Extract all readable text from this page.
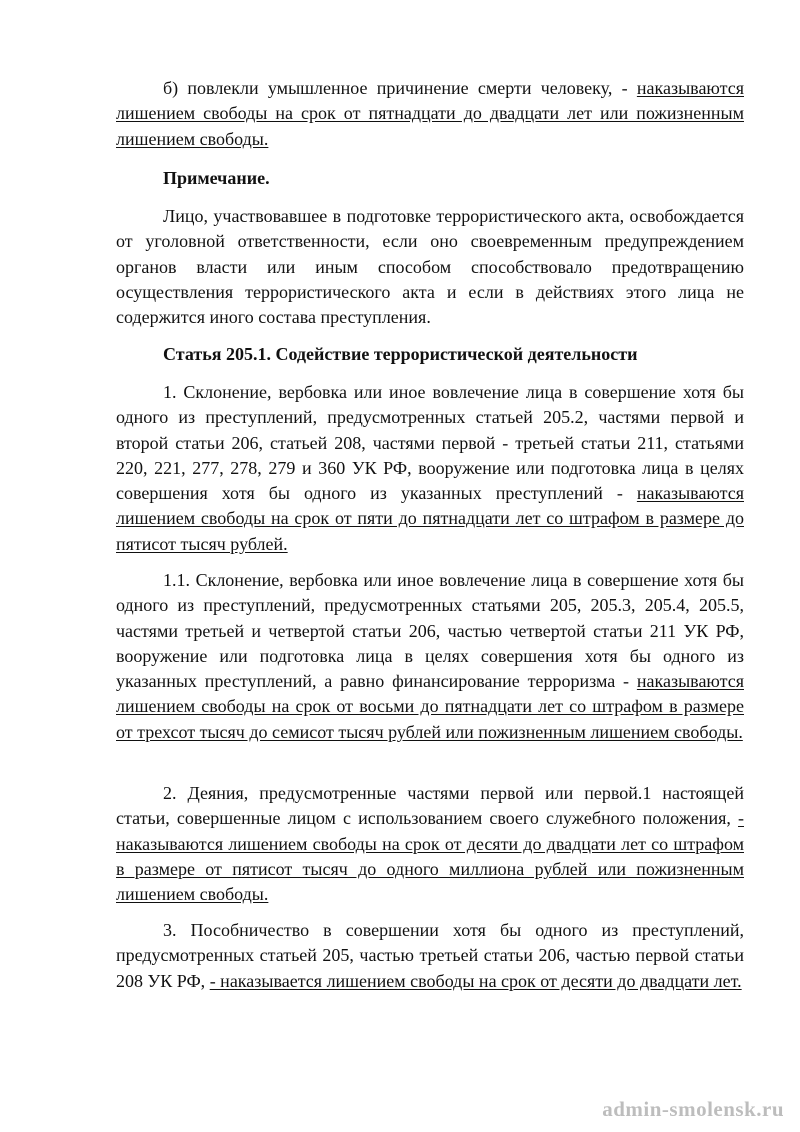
б) повлекли умышленное причинение смерти человеку, - наказываются лишением свободы на срок от пятнадцати до двадцати лет или пожизненным лишением свободы.

Примечание.

Лицо, участвовавшее в подготовке террористического акта, освобождается от уголовной ответственности, если оно своевременным предупреждением органов власти или иным способом способствовало предотвращению осуществления террористического акта и если в действиях этого лица не содержится иного состава преступления.

Статья 205.1. Содействие террористической деятельности

1. Склонение, вербовка или иное вовлечение лица в совершение хотя бы одного из преступлений, предусмотренных статьей 205.2, частями первой и второй статьи 206, статьей 208, частями первой - третьей статьи 211, статьями 220, 221, 277, 278, 279 и 360 УК РФ, вооружение или подготовка лица в целях совершения хотя бы одного из указанных преступлений - наказываются лишением свободы на срок от пяти до пятнадцати лет со штрафом в размере до пятисот тысяч рублей.

1.1. Склонение, вербовка или иное вовлечение лица в совершение хотя бы одного из преступлений, предусмотренных статьями 205, 205.3, 205.4, 205.5, частями третьей и четвертой статьи 206, частью четвертой статьи 211 УК РФ, вооружение или подготовка лица в целях совершения хотя бы одного из указанных преступлений, а равно финансирование терроризма - наказываются лишением свободы на срок от восьми до пятнадцати лет со штрафом в размере от трехсот тысяч до семисот тысяч рублей или пожизненным лишением свободы.

2. Деяния, предусмотренные частями первой или первой.1 настоящей статьи, совершенные лицом с использованием своего служебного положения, - наказываются лишением свободы на срок от десяти до двадцати лет со штрафом в размере от пятисот тысяч до одного миллиона рублей или пожизненным лишением свободы.

3. Пособничество в совершении хотя бы одного из преступлений, предусмотренных статьей 205, частью третьей статьи 206, частью первой статьи 208 УК РФ, - наказывается лишением свободы на срок от десяти до двадцати лет.

admin-smolensk.ru
